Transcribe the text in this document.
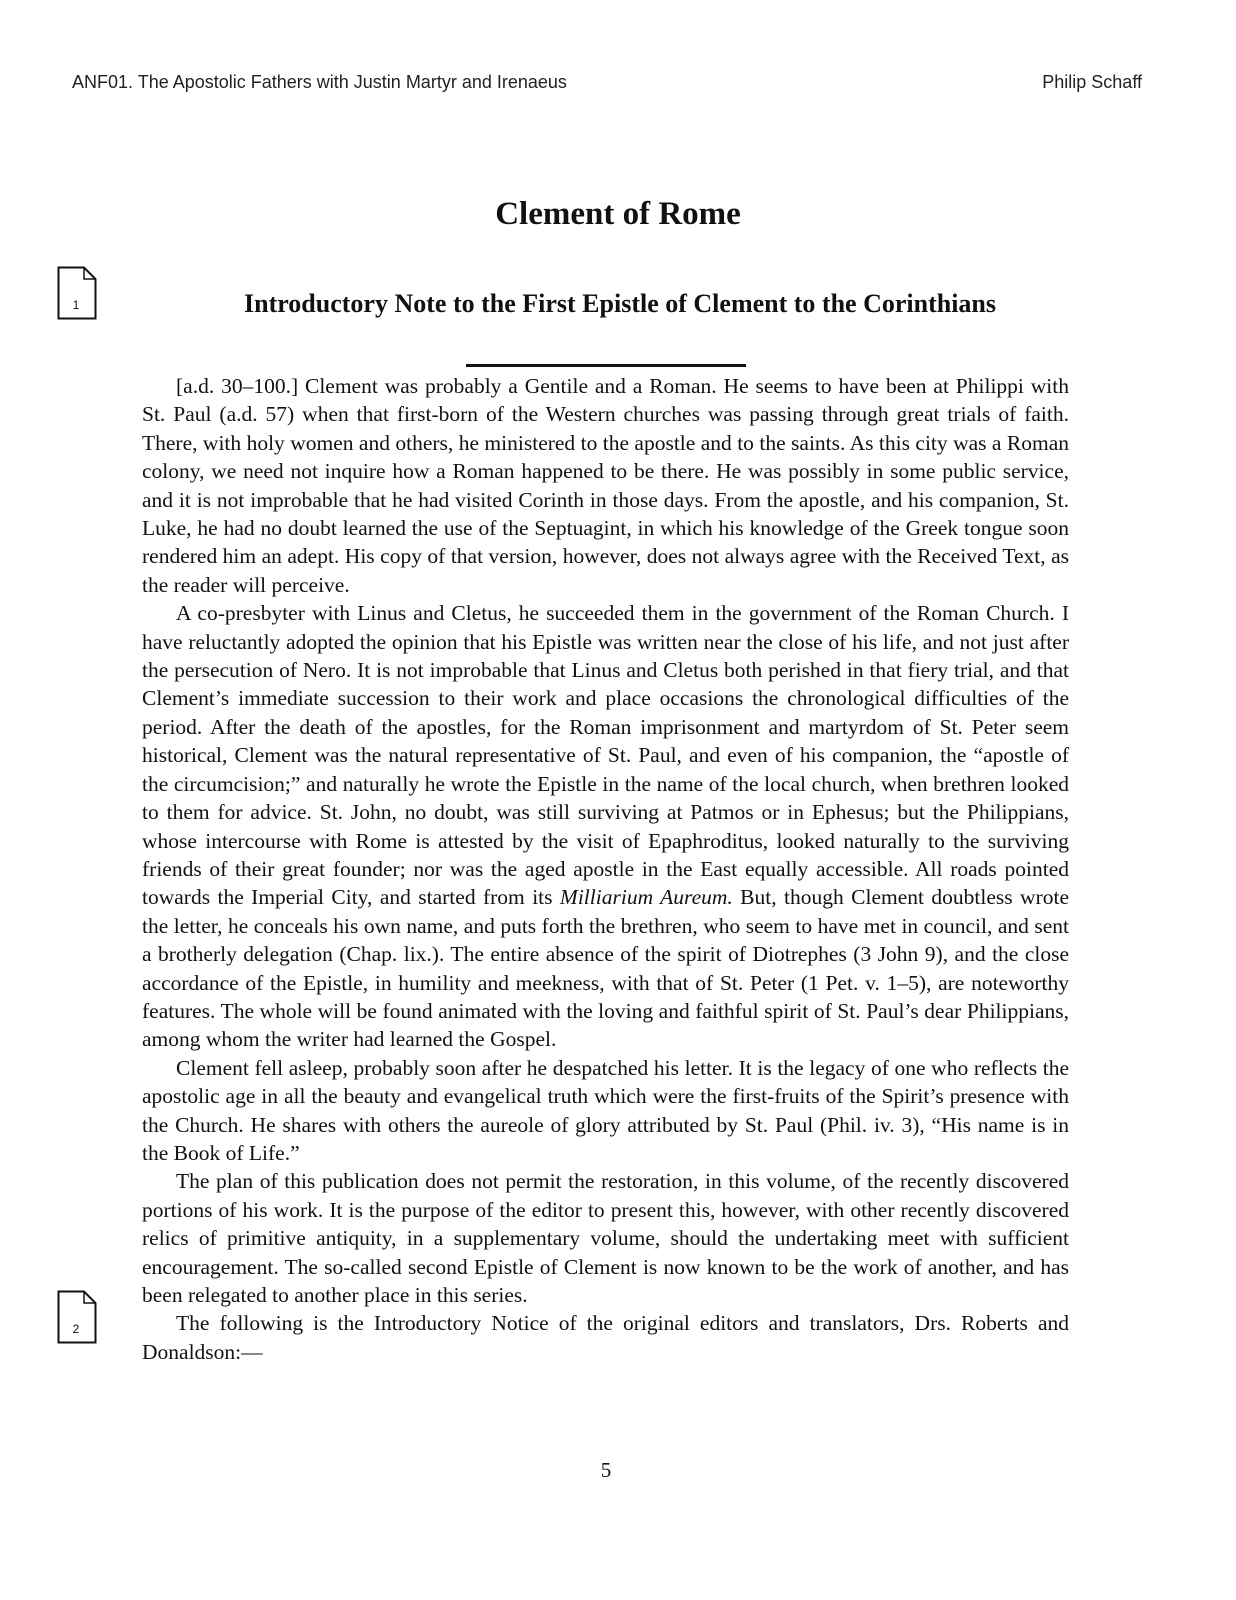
ANF01. The Apostolic Fathers with Justin Martyr and Irenaeus	Philip Schaff
Clement of Rome
1	Introductory Note to the First Epistle of Clement to the Corinthians

[a.d. 30–100.] Clement was probably a Gentile and a Roman. He seems to have been at Philippi with St. Paul (a.d. 57) when that first-born of the Western churches was passing through great trials of faith. There, with holy women and others, he ministered to the apostle and to the saints. As this city was a Roman colony, we need not inquire how a Roman happened to be there. He was possibly in some public service, and it is not improbable that he had visited Corinth in those days. From the apostle, and his companion, St. Luke, he had no doubt learned the use of the Septuagint, in which his knowledge of the Greek tongue soon rendered him an adept. His copy of that version, however, does not always agree with the Received Text, as the reader will perceive.

A co-presbyter with Linus and Cletus, he succeeded them in the government of the Roman Church. I have reluctantly adopted the opinion that his Epistle was written near the close of his life, and not just after the persecution of Nero. It is not improbable that Linus and Cletus both perished in that fiery trial, and that Clement’s immediate succession to their work and place occasions the chronological difficulties of the period. After the death of the apostles, for the Roman imprisonment and martyrdom of St. Peter seem historical, Clement was the natural representative of St. Paul, and even of his companion, the “apostle of the circumcision;” and naturally he wrote the Epistle in the name of the local church, when brethren looked to them for advice. St. John, no doubt, was still surviving at Patmos or in Ephesus; but the Philippians, whose intercourse with Rome is attested by the visit of Epaphroditus, looked naturally to the surviving friends of their great founder; nor was the aged apostle in the East equally accessible. All roads pointed towards the Imperial City, and started from its Milliarium Aureum. But, though Clement doubtless wrote the letter, he conceals his own name, and puts forth the brethren, who seem to have met in council, and sent a brotherly delegation (Chap. lix.). The entire absence of the spirit of Diotrephes (3 John 9), and the close accordance of the Epistle, in humility and meekness, with that of St. Peter (1 Pet. v. 1–5), are noteworthy features. The whole will be found animated with the loving and faithful spirit of St. Paul’s dear Philippians, among whom the writer had learned the Gospel.

Clement fell asleep, probably soon after he despatched his letter. It is the legacy of one who reflects the apostolic age in all the beauty and evangelical truth which were the first-fruits of the Spirit’s presence with the Church. He shares with others the aureole of glory attributed by St. Paul (Phil. iv. 3), “His name is in the Book of Life.”

The plan of this publication does not permit the restoration, in this volume, of the recently discovered portions of his work. It is the purpose of the editor to present this, however, with other recently discovered relics of primitive antiquity, in a supplementary volume, should the undertaking meet with sufficient encouragement. The so-called second Epistle of Clement is now known to be the work of another, and has been relegated to another place in this series.

The following is the Introductory Notice of the original editors and translators, Drs. Roberts and Donaldson:—

2
5
